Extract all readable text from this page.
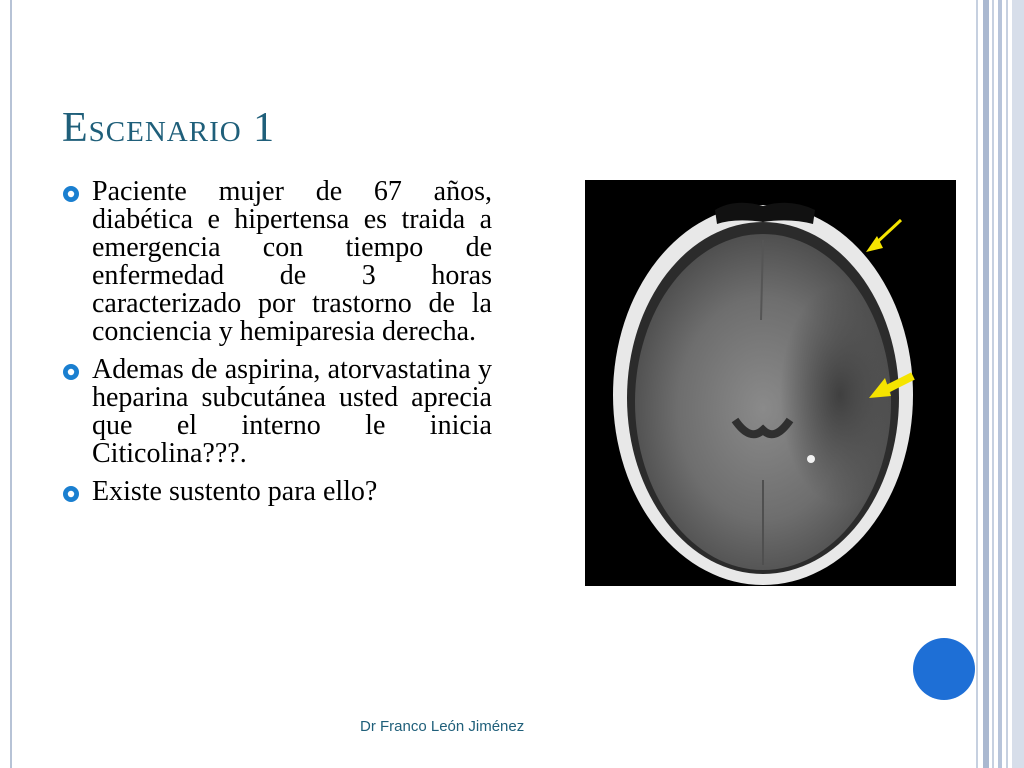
Escenario 1
Paciente mujer de 67 años, diabética e hipertensa es traida a emergencia con tiempo de enfermedad de 3 horas caracterizado por trastorno de la conciencia y hemiparesia derecha.
Ademas de aspirina, atorvastatina y heparina subcutánea usted aprecia que el interno le inicia Citicolina???.
Existe sustento para ello?
Dr Franco León Jiménez
